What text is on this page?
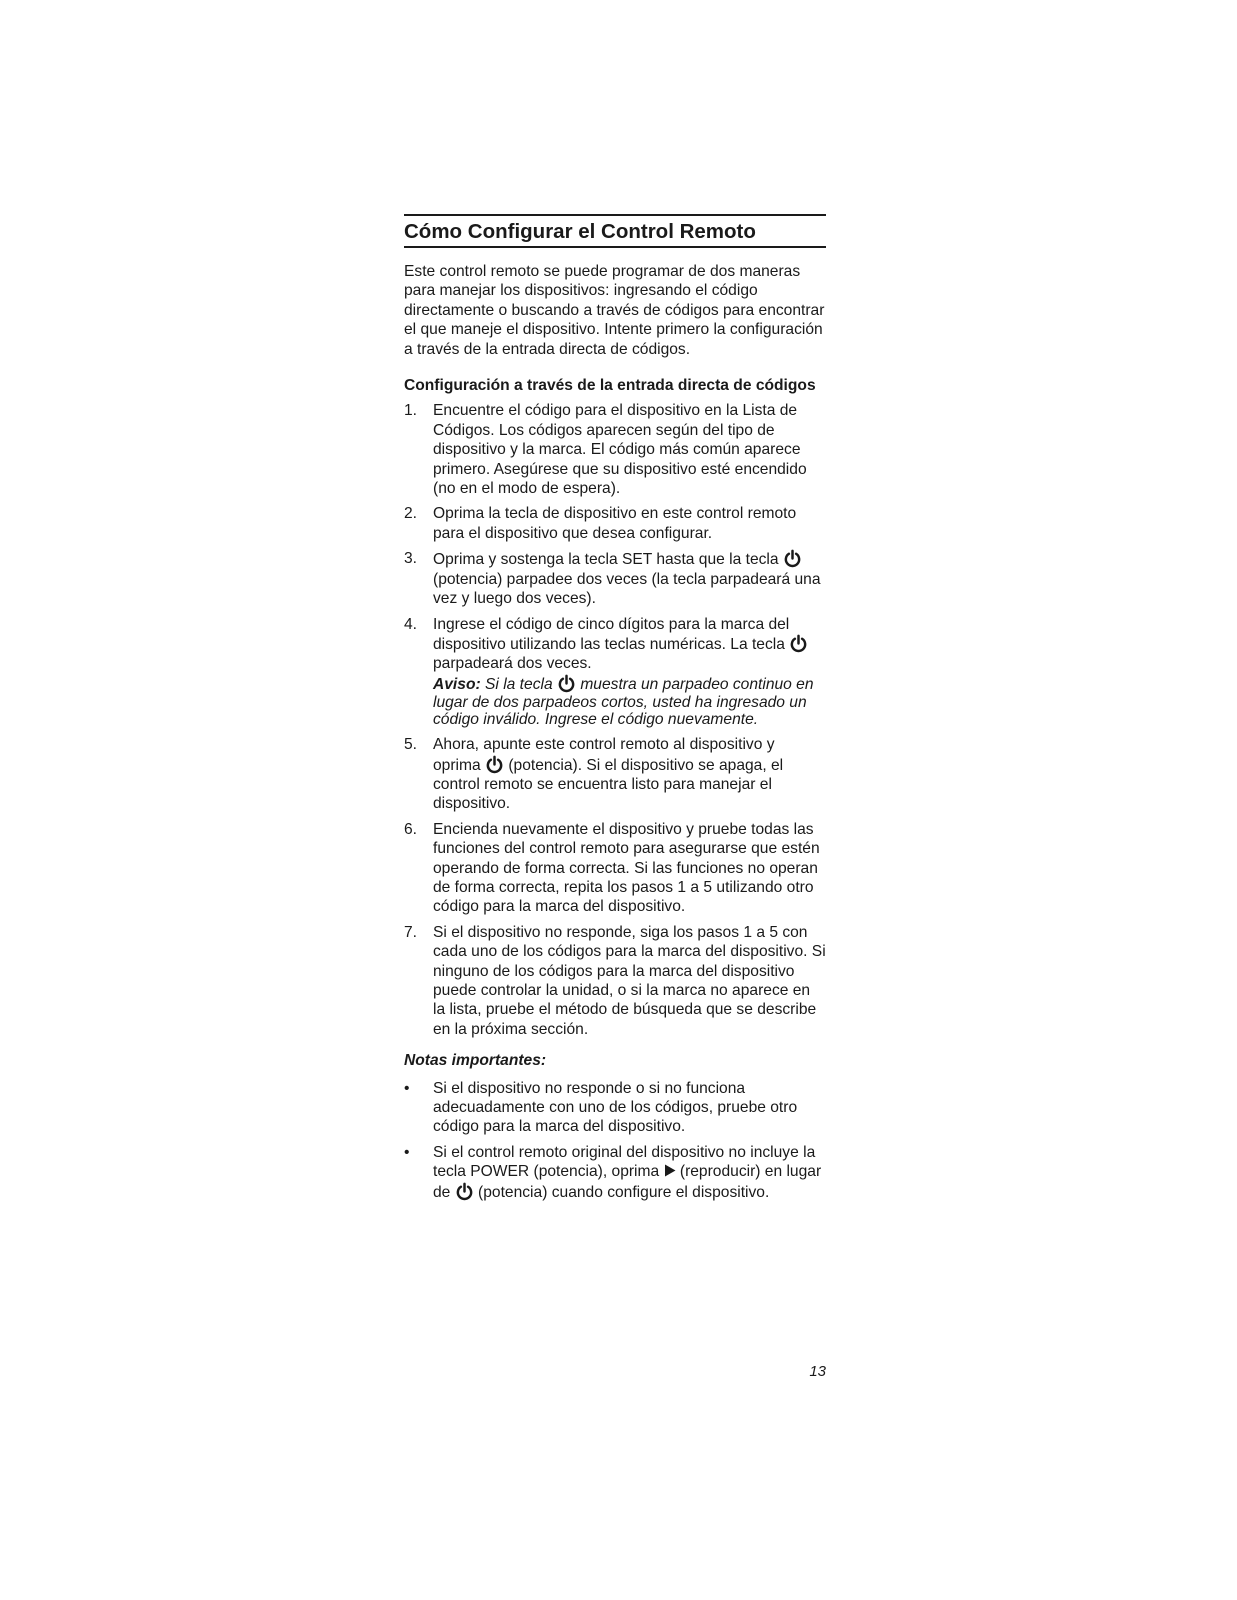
Cómo Configurar el Control Remoto

Este control remoto se puede programar de dos maneras para manejar los dispositivos: ingresando el código directamente o buscando a través de códigos para encontrar el que maneje el dispositivo. Intente primero la configuración a través de la entrada directa de códigos.

Configuración a través de la entrada directa de códigos

1. Encuentre el código para el dispositivo en la Lista de Códigos. Los códigos aparecen según del tipo de dispositivo y la marca. El código más común aparece primero. Asegúrese que su dispositivo esté encendido (no en el modo de espera).
2. Oprima la tecla de dispositivo en este control remoto para el dispositivo que desea configurar.
3. Oprima y sostenga la tecla SET hasta que la tecla
(potencia) parpadee dos veces (la tecla parpadeará una vez y luego dos veces).
4. Ingrese el código de cinco dígitos para la marca del dispositivo utilizando las teclas numéricas. La tecla
parpadeará dos veces.
Aviso: Si la tecla muestra un parpadeo continuo en lugar de dos parpadeos cortos, usted ha ingresado un código inválido. Ingrese el código nuevamente.
5. Ahora, apunte este control remoto al dispositivo y oprima (potencia). Si el dispositivo se apaga, el control remoto se encuentra listo para manejar el dispositivo.
6. Encienda nuevamente el dispositivo y pruebe todas las funciones del control remoto para asegurarse que estén operando de forma correcta. Si las funciones no operan de forma correcta, repita los pasos 1 a 5 utilizando otro código para la marca del dispositivo.
7. Si el dispositivo no responde, siga los pasos 1 a 5 con cada uno de los códigos para la marca del dispositivo. Si ninguno de los códigos para la marca del dispositivo puede controlar la unidad, o si la marca no aparece en la lista, pruebe el método de búsqueda que se describe en la próxima sección.

Notas importantes:

• Si el dispositivo no responde o si no funciona adecuadamente con uno de los códigos, pruebe otro código para la marca del dispositivo.
• Si el control remoto original del dispositivo no incluye la tecla POWER (potencia), oprima (reproducir) en lugar de (potencia) cuando configure el dispositivo.
13
